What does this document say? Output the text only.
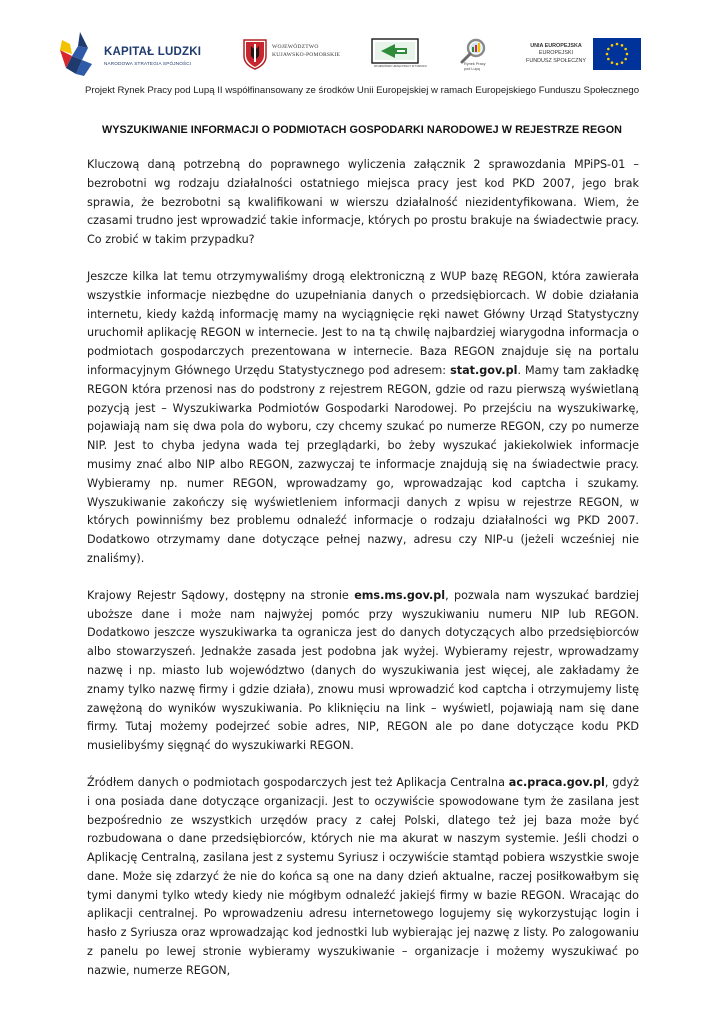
KAPITAŁ LUDZKI
NARODOWA STRATEGIA SPÓJNOŚCI
WOJEWÓDZTWO
KUJAWSKO-POMORSKIE
WOJEWÓDZKI URZĄD PRACY W TORUNIU
Rynek Pracy
pod Lupą
UNIA EUROPEJSKA
EUROPEJSKI
FUNDUSZ SPOŁECZNY
Projekt Rynek Pracy pod Lupą II współfinansowany ze środków Unii Europejskiej w ramach Europejskiego Funduszu Społecznego
WYSZUKIWANIE INFORMACJI O PODMIOTACH GOSPODARKI NARODOWEJ W REJESTRZE REGON

Kluczową daną potrzebną do poprawnego wyliczenia załącznik 2 sprawozdania MPiPS-01 – bezrobotni wg rodzaju działalności ostatniego miejsca pracy jest kod PKD 2007, jego brak sprawia, że bezrobotni są kwalifikowani w wierszu działalność niezidentyfikowana. Wiem, że czasami trudno jest wprowadzić takie informacje, których po prostu brakuje na świadectwie pracy. Co zrobić w takim przypadku?

Jeszcze kilka lat temu otrzymywaliśmy drogą elektroniczną z WUP bazę REGON, która zawierała wszystkie informacje niezbędne do uzupełniania danych o przedsiębiorcach. W dobie działania internetu, kiedy każdą informację mamy na wyciągnięcie ręki nawet Główny Urząd Statystyczny uruchomił aplikację REGON w internecie. Jest to na tą chwilę najbardziej wiarygodna informacja o podmiotach gospodarczych prezentowana w internecie. Baza REGON znajduje się na portalu informacyjnym Głównego Urzędu Statystycznego pod adresem: stat.gov.pl. Mamy tam zakładkę REGON która przenosi nas do podstrony z rejestrem REGON, gdzie od razu pierwszą wyświetlaną pozycją jest – Wyszukiwarka Podmiotów Gospodarki Narodowej. Po przejściu na wyszukiwarkę, pojawiają nam się dwa pola do wyboru, czy chcemy szukać po numerze REGON, czy po numerze NIP. Jest to chyba jedyna wada tej przeglądarki, bo żeby wyszukać jakiekolwiek informacje musimy znać albo NIP albo REGON, zazwyczaj te informacje znajdują się na świadectwie pracy. Wybieramy np. numer REGON, wprowadzamy go, wprowadzając kod captcha i szukamy. Wyszukiwanie zakończy się wyświetleniem informacji danych z wpisu w rejestrze REGON, w których powinniśmy bez problemu odnaleźć informacje o rodzaju działalności wg PKD 2007. Dodatkowo otrzymamy dane dotyczące pełnej nazwy, adresu czy NIP-u (jeżeli wcześniej nie znaliśmy).

Krajowy Rejestr Sądowy, dostępny na stronie ems.ms.gov.pl, pozwala nam wyszukać bardziej uboższe dane i może nam najwyżej pomóc przy wyszukiwaniu numeru NIP lub REGON. Dodatkowo jeszcze wyszukiwarka ta ogranicza jest do danych dotyczących albo przedsiębiorców albo stowarzyszeń. Jednakże zasada jest podobna jak wyżej. Wybieramy rejestr, wprowadzamy nazwę i np. miasto lub województwo (danych do wyszukiwania jest więcej, ale zakładamy że znamy tylko nazwę firmy i gdzie działa), znowu musi wprowadzić kod captcha i otrzymujemy listę zawężoną do wyników wyszukiwania. Po kliknięciu na link – wyświetl, pojawiają nam się dane firmy. Tutaj możemy podejrzeć sobie adres, NIP, REGON ale po dane dotyczące kodu PKD musielibyśmy sięgnąć do wyszukiwarki REGON.

Źródłem danych o podmiotach gospodarczych jest też Aplikacja Centralna ac.praca.gov.pl, gdyż i ona posiada dane dotyczące organizacji. Jest to oczywiście spowodowane tym że zasilana jest bezpośrednio ze wszystkich urzędów pracy z całej Polski, dlatego też jej baza może być rozbudowana o dane przedsiębiorców, których nie ma akurat w naszym systemie. Jeśli chodzi o Aplikację Centralną, zasilana jest z systemu Syriusz i oczywiście stamtąd pobiera wszystkie swoje dane. Może się zdarzyć że nie do końca są one na dany dzień aktualne, raczej posiłkowałbym się tymi danymi tylko wtedy kiedy nie mógłbym odnaleźć jakiejś firmy w bazie REGON. Wracając do aplikacji centralnej. Po wprowadzeniu adresu internetowego logujemy się wykorzystując login i hasło z Syriusza oraz wprowadzając kod jednostki lub wybierając jej nazwę z listy. Po zalogowaniu z panelu po lewej stronie wybieramy wyszukiwanie – organizacje i możemy wyszukiwać po nazwie, numerze REGON,
